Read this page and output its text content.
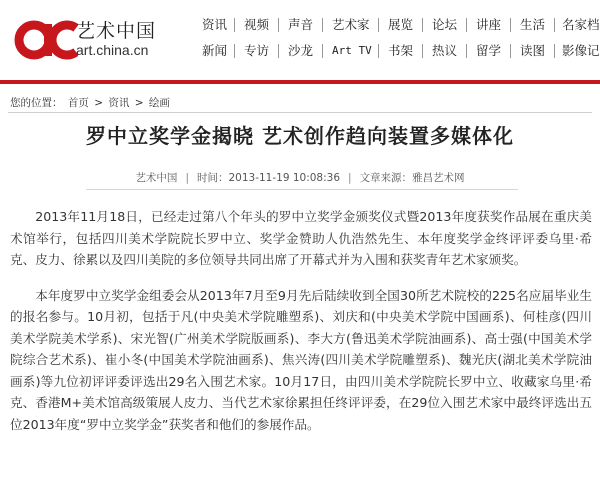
艺术中国
art.china.cn
资讯 视频 声音 艺术家 展览 论坛 讲座 生活 名家档
新闻 专访 沙龙 Art TV 书架 热议 留学 读图 影像记
您的位置： 首页 > 资讯 > 绘画
罗中立奖学金揭晓 艺术创作趋向装置多媒体化
艺术中国 | 时间：2013-11-19 10:08:36 | 文章来源：雅昌艺术网

2013年11月18日，已经走过第八个年头的罗中立奖学金颁奖仪式暨2013年度获奖作品展在重庆美术馆举行，包括四川美术学院院长罗中立、奖学金赞助人仇浩然先生、本年度奖学金终评评委乌里·希克、皮力、徐累以及四川美院的多位领导共同出席了开幕式并为入围和获奖青年艺术家颁奖。

本年度罗中立奖学金组委会从2013年7月至9月先后陆续收到全国30所艺术院校的225名应届毕业生的报名参与。10月初，包括于凡(中央美术学院雕塑系)、刘庆和(中央美术学院中国画系)、何桂彦(四川美术学院美术学系)、宋光智(广州美术学院版画系)、李大方(鲁迅美术学院油画系)、高士强(中国美术学院综合艺术系)、崔小冬(中国美术学院油画系)、焦兴涛(四川美术学院雕塑系)、魏光庆(湖北美术学院油画系)等九位初评评委评选出29名入围艺术家。10月17日，由四川美术学院院长罗中立、收藏家乌里·希克、香港M+美术馆高级策展人皮力、当代艺术家徐累担任终评评委，在29位入围艺术家中最终评选出五位2013年度“罗中立奖学金”获奖者和他们的参展作品。
